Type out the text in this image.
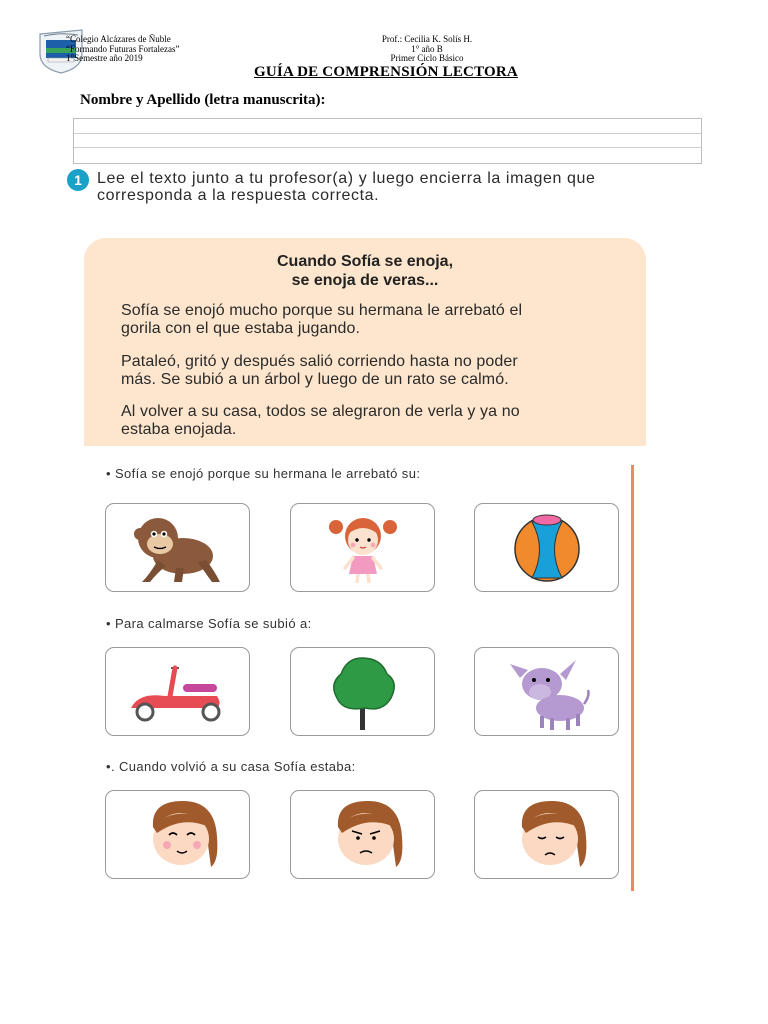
“Colegio Alcázares de Ñuble
“Formando Futuras Fortalezas”
1°Semestre año 2019
Prof.: Cecilia K. Solís H.
1° año B
Primer Ciclo Básico
GUÍA DE COMPRENSIÓN LECTORA
Nombre y Apellido (letra manuscrita):
1 Lee el texto junto a tu profesor(a) y luego encierra la imagen que
corresponda a la respuesta correcta.
Cuando Sofía se enoja,
se enoja de veras...
Sofía se enojó mucho porque su hermana le arrebató el
gorila con el que estaba jugando.
Pataleó, gritó y después salió corriendo hasta no poder
más. Se subió a un árbol y luego de un rato se calmó.
Al volver a su casa, todos se alegraron de verla y ya no
estaba enojada.
• Sofía se enojó porque su hermana le arrebató su:
• Para calmarse Sofía se subió a:
•. Cuando volvió a su casa Sofía estaba:
